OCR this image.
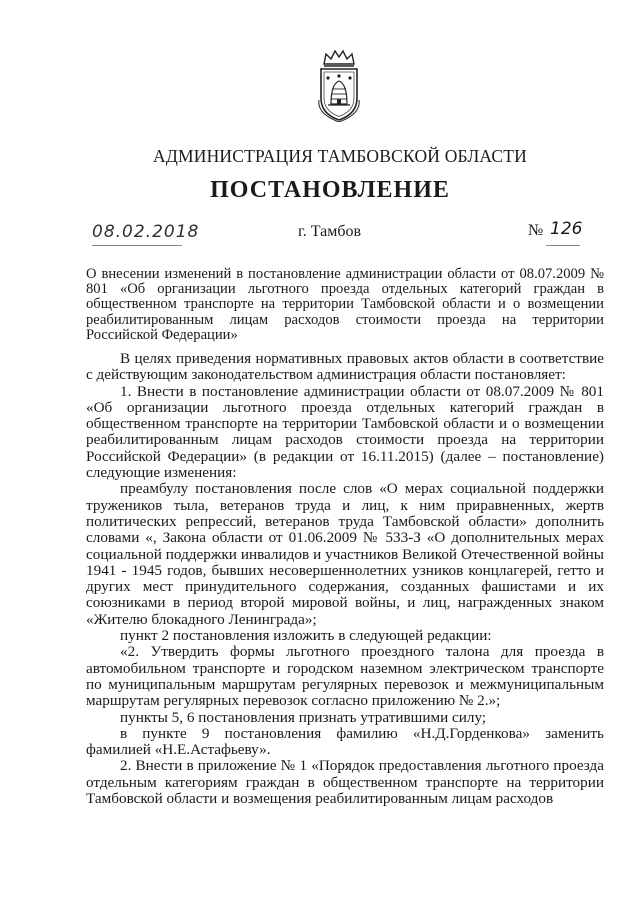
АДМИНИСТРАЦИЯ ТАМБОВСКОЙ ОБЛАСТИ
ПОСТАНОВЛЕНИЕ
08.02.2018	г. Тамбов	№ 126
О внесении изменений в постановление администрации области от 08.07.2009 № 801 «Об организации льготного проезда отдельных категорий граждан в общественном транспорте на территории Тамбовской области и о возмещении реабилитированным лицам расходов стоимости проезда на территории Российской Федерации»

В целях приведения нормативных правовых актов области в соответствие с действующим законодательством администрация области постановляет:

1. Внести в постановление администрации области от 08.07.2009 № 801 «Об организации льготного проезда отдельных категорий граждан в общественном транспорте на территории Тамбовской области и о возмещении реабилитированным лицам расходов стоимости проезда на территории Российской Федерации» (в редакции от 16.11.2015) (далее – постановление) следующие изменения:

преамбулу постановления после слов «О мерах социальной поддержки тружеников тыла, ветеранов труда и лиц, к ним приравненных, жертв политических репрессий, ветеранов труда Тамбовской области» дополнить словами «, Закона области от 01.06.2009 № 533-З «О дополнительных мерах социальной поддержки инвалидов и участников Великой Отечественной войны 1941 - 1945 годов, бывших несовершеннолетних узников концлагерей, гетто и других мест принудительного содержания, созданных фашистами и их союзниками в период второй мировой войны, и лиц, награжденных знаком «Жителю блокадного Ленинграда»;

пункт 2 постановления изложить в следующей редакции:

«2. Утвердить формы льготного проездного талона для проезда в автомобильном транспорте и городском наземном электрическом транспорте по муниципальным маршрутам регулярных перевозок и межмуниципальным маршрутам регулярных перевозок согласно приложению № 2.»;

пункты 5, 6 постановления признать утратившими силу;

в пункте 9 постановления фамилию «Н.Д.Горденкова» заменить фамилией «Н.Е.Астафьеву».

2. Внести в приложение № 1 «Порядок предоставления льготного проезда отдельным категориям граждан в общественном транспорте на территории Тамбовской области и возмещения реабилитированным лицам расходов
